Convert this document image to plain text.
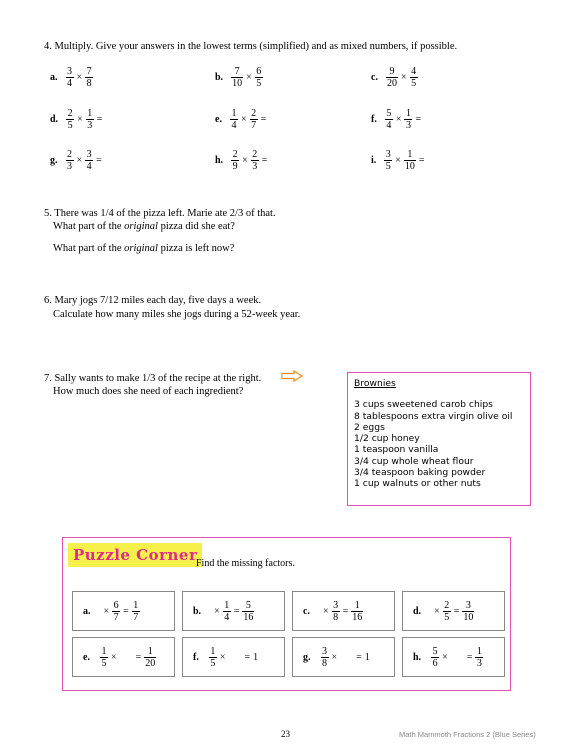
4. Multiply. Give your answers in the lowest terms (simplified) and as mixed numbers, if possible.
a. $\frac{3}{4} \times \frac{7}{8}$	b. $\frac{7}{10} \times \frac{6}{5}$	c. $\frac{9}{20} \times \frac{4}{5}$
d. $\frac{2}{5} \times \frac{1}{3}$ =	e. $\frac{1}{4} \times \frac{2}{7}$ =	f. $\frac{5}{4} \times \frac{1}{3}$ =
g. $\frac{2}{3} \times \frac{3}{4}$ =	h. $\frac{2}{9} \times \frac{2}{3}$ =	i. $\frac{3}{5} \times \frac{1}{10}$ =
5. There was 1/4 of the pizza left. Marie ate 2/3 of that.
What part of the original pizza did she eat?
What part of the original pizza is left now?
6. Mary jogs 7/12 miles each day, five days a week.
Calculate how many miles she jogs during a 52-week year.
7. Sally wants to make 1/3 of the recipe at the right.
How much does she need of each ingredient?
Brownies
3 cups sweetened carob chips
8 tablespoons extra virgin olive oil
2 eggs
1/2 cup honey
1 teaspoon vanilla
3/4 cup whole wheat flour
3/4 teaspoon baking powder
1 cup walnuts or other nuts
Puzzle Corner
Find the missing factors.
a. × $\frac{6}{7} = \frac{1}{7}$	b. × $\frac{1}{4} = \frac{5}{16}$	c. × $\frac{3}{8} = \frac{1}{16}$	d. × $\frac{2}{5} = \frac{3}{10}$
e. $\frac{1}{5}$ × = $\frac{1}{20}$	f. $\frac{1}{5}$ × = 1	g. $\frac{3}{8}$ × = 1	h. $\frac{5}{6}$ × = $\frac{1}{3}$
23	Math Mammoth Fractions 2 (Blue Series)
